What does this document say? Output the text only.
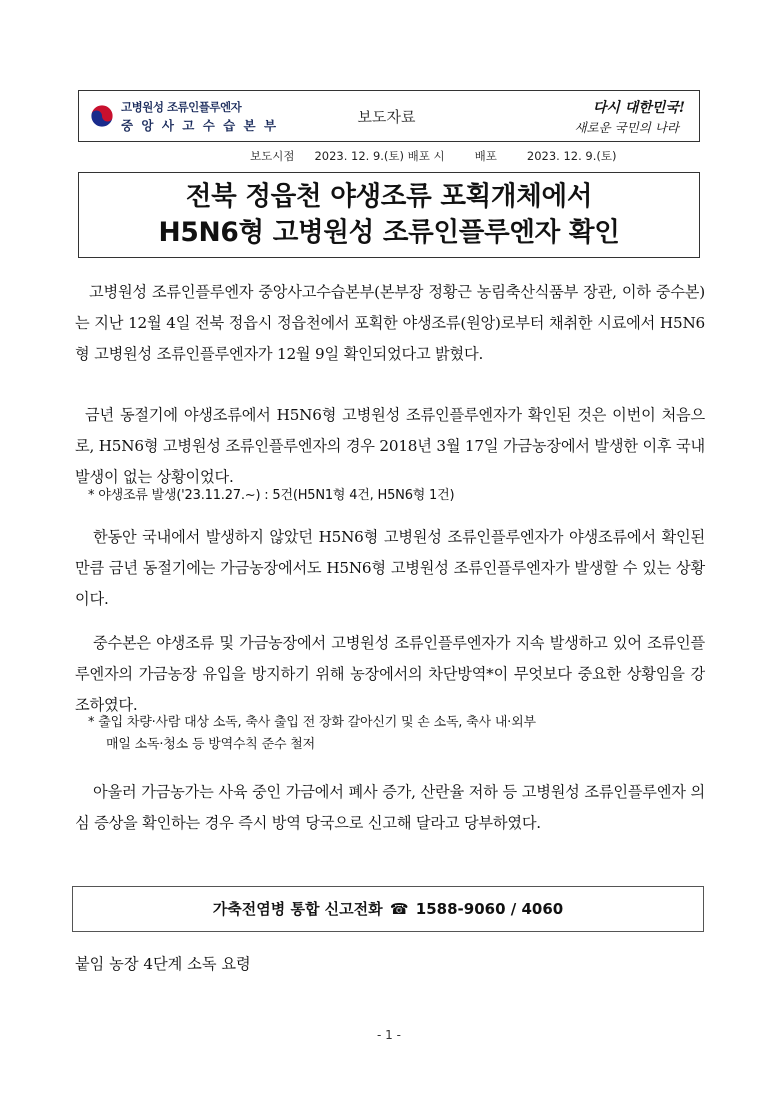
고병원성 조류인플루엔자
중 앙 사 고 수 습 본 부	보도자료	다시 대한민국!
새로운 국민의 나라
보도시점 2023. 12. 9.(토) 배포 시	배포	2023. 12. 9.(토)
전북 정읍천 야생조류 포획개체에서
H5N6형 고병원성 조류인플루엔자 확인
고병원성 조류인플루엔자 중앙사고수습본부(본부장 정황근 농림축산식품부 장관, 이하 중수본)는 지난 12월 4일 전북 정읍시 정읍천에서 포획한 야생조류(원앙)로부터 채취한 시료에서 H5N6형 고병원성 조류인플루엔자가 12월 9일 확인되었다고 밝혔다.
금년 동절기에 야생조류에서 H5N6형 고병원성 조류인플루엔자가 확인된 것은 이번이 처음으로, H5N6형 고병원성 조류인플루엔자의 경우 2018년 3월 17일 가금농장에서 발생한 이후 국내 발생이 없는 상황이었다.
* 야생조류 발생('23.11.27.~) : 5건(H5N1형 4건, H5N6형 1건)
한동안 국내에서 발생하지 않았던 H5N6형 고병원성 조류인플루엔자가 야생조류에서 확인된 만큼 금년 동절기에는 가금농장에서도 H5N6형 고병원성 조류인플루엔자가 발생할 수 있는 상황이다.
중수본은 야생조류 및 가금농장에서 고병원성 조류인플루엔자가 지속 발생하고 있어 조류인플루엔자의 가금농장 유입을 방지하기 위해 농장에서의 차단방역*이 무엇보다 중요한 상황임을 강조하였다.
* 출입 차량·사람 대상 소독, 축사 출입 전 장화 갈아신기 및 손 소독, 축사 내·외부
매일 소독·청소 등 방역수칙 준수 철저
아울러 가금농가는 사육 중인 가금에서 폐사 증가, 산란율 저하 등 고병원성 조류인플루엔자 의심 증상을 확인하는 경우 즉시 방역 당국으로 신고해 달라고 당부하였다.
가축전염병 통합 신고전화 ☎ 1588-9060 / 4060
붙임 농장 4단계 소독 요령
- 1 -
